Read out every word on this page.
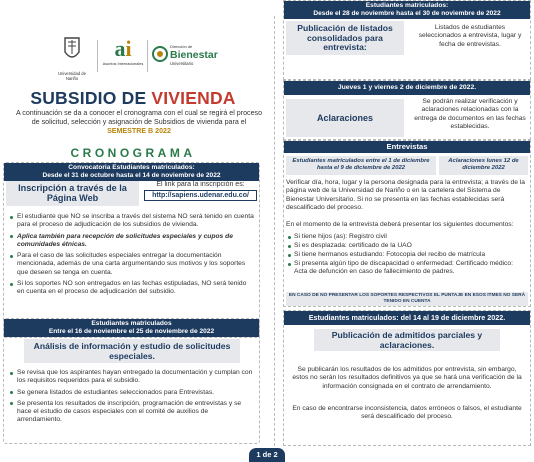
Universidad de Nariño
ai
Asuntos Internacionales
Dirección de
Bienestar
Universitario
SUBSIDIO DE VIVIENDA
A continuación se da a conocer el cronograma con el cual se regirá el proceso de solicitud, selección y asignación de Subsidios de vivienda para el
SEMESTRE B 2022
CRONOGRAMA
Convocatoria Estudiantes matriculados:
Desde el 31 de octubre hasta el 14 de noviembre de 2022
Inscripción a través de la Página Web
El link para la inscripción es:
http://sapiens.udenar.edu.co/
El estudiante que NO se inscriba a través del sistema NO será tenido en cuenta para el proceso de adjudicación de los subsidios de vivienda.
Aplica también para recepción de solicitudes especiales y cupos de comunidades étnicas.
Para el caso de las solicitudes especiales entregar la documentación mencionada, además de una carta argumentando sus motivos y los soportes que deseen se tenga en cuenta.
Si los soportes NO son entregados en las fechas estipuladas, NO será tenido en cuenta en el proceso de adjudicación del subsidio.
Estudiantes matriculados
Entre el 16 de noviembre el 25 de noviembre de 2022
Análisis de información y estudio de solicitudes especiales.
Se revisa que los aspirantes hayan entregado la documentación y cumplan con los requisitos requeridos para el subsidio.
Se genera listados de estudiantes seleccionados para Entrevistas.
Se presenta los resultados de inscripción, programación de entrevistas y se hace el estudio de casos especiales con el comité de auxilios de arrendamiento.
1 de 2
Estudiantes matriculados:
Desde el 28 de noviembre hasta el 30 de noviembre de 2022
Publicación de listados consolidados para entrevista:
Listados de estudiantes seleccionados a entrevista, lugar y fecha de entrevistas.
Jueves 1 y viernes 2 de diciembre de 2022.
Aclaraciones
Se podrán realizar verificación y aclaraciones relacionadas con la entrega de documentos en las fechas establecidas.
Entrevistas
Estudiantes matriculados entre el 1 de diciembre hasta el 9 de diciembre de 2022
Aclaraciones lunes 12 de diciembre 2022
Verificar día, hora, lugar y la persona designada para la entrevista; a través de la página web de la Universidad de Nariño o en la cartelera del Sistema de Bienestar Universitario. Si no se presenta en las fechas establecidas será descalificado del proceso.
En el momento de la entrevista deberá presentar los siguientes documentos:
Si tiene hijos (as): Registro civil
Si es desplazada: certificado de la UAO
Si tiene hermanos estudiando: Fotocopia del recibo de matrícula
Si presenta algún tipo de discapacidad o enfermedad: Certificado médico: Acta de defunción en caso de fallecimiento de padres.
EN CASO DE NO PRESENTAR LOS SOPORTES RESPECTIVOS EL PUNTAJE EN ESOS ITMES NO SERÁ TENIDO EN CUENTA
Estudiantes matriculados: del 14 al 19 de diciembre 2022.
Publicación de admitidos parciales y aclaraciones.
Se publicarán los resultados de los admitidos por entrevista, sin embargo, estos no serán los resultados definitivos ya que se hará una verificación de la información consignada en el contrato de arrendamiento.
En caso de encontrarse inconsistencia, datos erróneos o falsos, el estudiante será descalificado del proceso.
